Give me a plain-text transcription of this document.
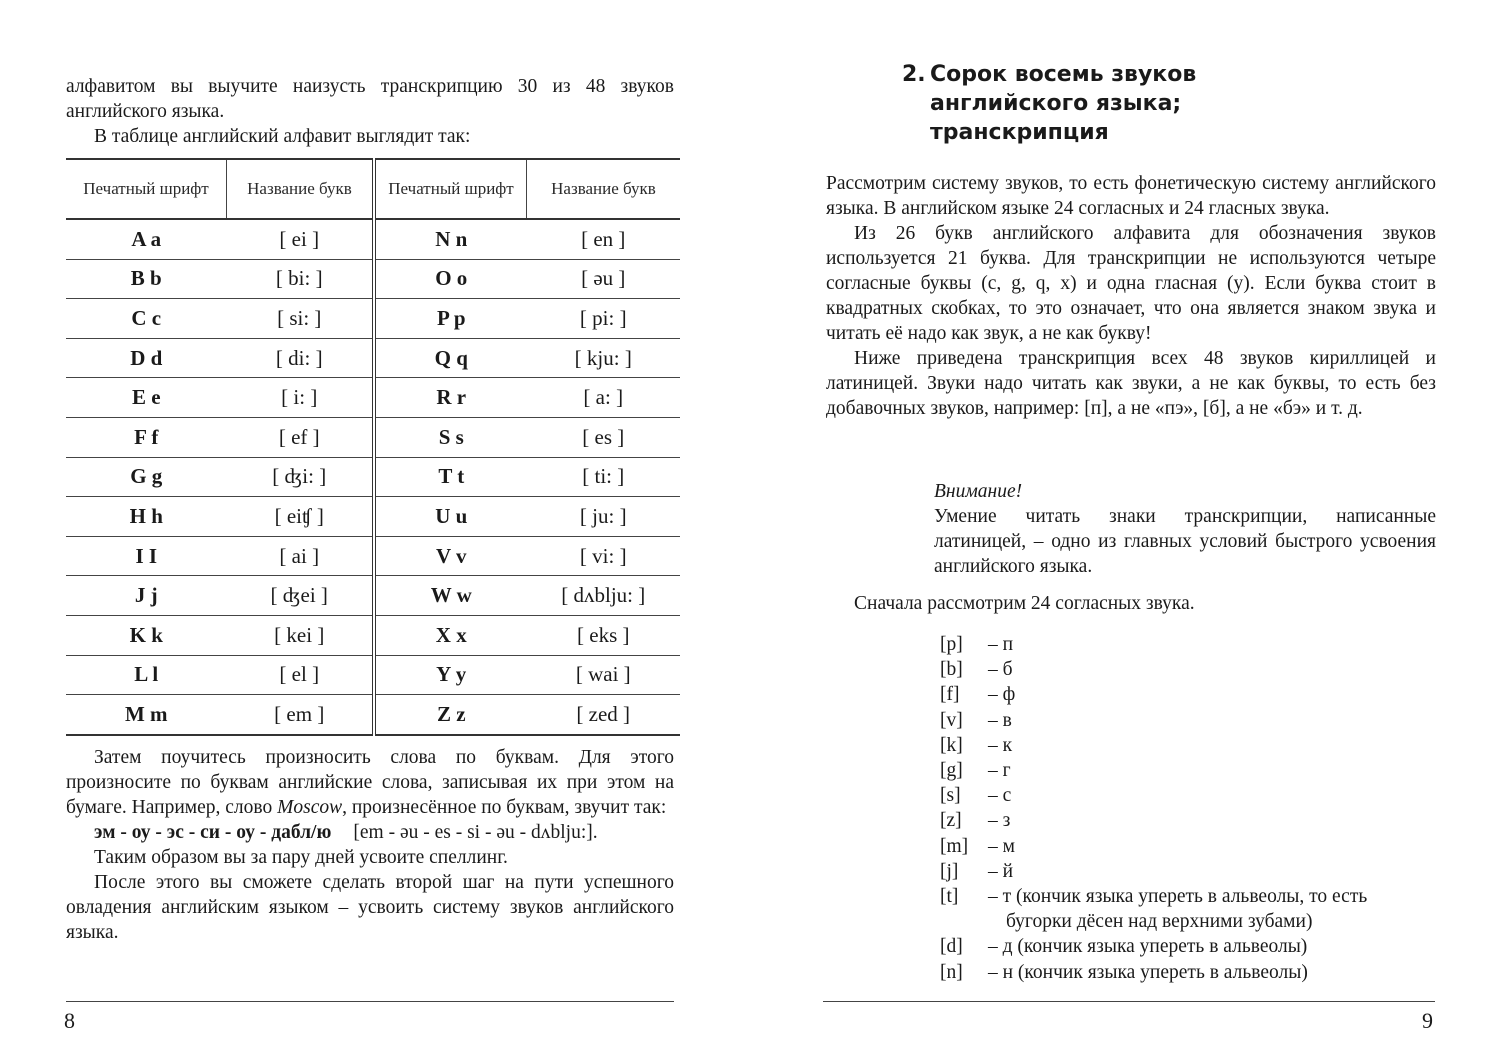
алфавитом вы выучите наизусть транскрипцию 30 из 48 звуков английского языка.

В таблице английский алфавит выглядит так:

Печатный шрифт	Название букв	Печатный шрифт	Название букв
A a	[ ei ]	N n	[ en ]
B b	[ bi: ]	O o	[ əu ]
C c	[ si: ]	P p	[ pi: ]
D d	[ di: ]	Q q	[ kju: ]
E e	[ i: ]	R r	[ a: ]
F f	[ ef ]	S s	[ es ]
G g	[ ʤi: ]	T t	[ ti: ]
H h	[ eiʧ ]	U u	[ ju: ]
I I	[ ai ]	V v	[ vi: ]
J j	[ ʤei ]	W w	[ dʌblju: ]
K k	[ kei ]	X x	[ eks ]
L l	[ el ]	Y y	[ wai ]
M m	[ em ]	Z z	[ zed ]

Затем поучитесь произносить слова по буквам. Для этого произносите по буквам английские слова, записывая их при этом на бумаге. Например, слово Moscow, произнесённое по буквам, звучит так:

эм - оу - эс - си - оу - дабл/ю [em - əu - es - si - əu - dʌblju:].

Таким образом вы за пару дней усвоите спеллинг.

После этого вы сможете сделать второй шаг на пути успешного овладения английским языком – усвоить систему звуков английского языка.

8
2. Сорок восемь звуков
английского языка;
транскрипция

Рассмотрим систему звуков, то есть фонетическую систему английского языка. В английском языке 24 согласных и 24 гласных звука.

Из 26 букв английского алфавита для обозначения звуков используется 21 буква. Для транскрипции не используются четыре согласные буквы (c, g, q, x) и одна гласная (y). Если буква стоит в квадратных скобках, то это означает, что она является знаком звука и читать её надо как звук, а не как букву!

Ниже приведена транскрипция всех 48 звуков кириллицей и латиницей. Звуки надо читать как звуки, а не как буквы, то есть без добавочных звуков, например: [п], а не «пэ», [б], а не «бэ» и т. д.

Внимание!

Умение читать знаки транскрипции, написанные латиницей, – одно из главных условий быстрого усвоения английского языка.

Сначала рассмотрим 24 согласных звука.
[p]	– п
[b]	– б
[f]	– ф
[v]	– в
[k]	– к
[g]	– г
[s]	– с
[z]	– з
[m]	– м
[j]	– й
[t]	– т (кончик языка упереть в альвеолы, то есть
бугорки дёсен над верхними зубами)
[d]	– д (кончик языка упереть в альвеолы)
[n]	– н (кончик языка упереть в альвеолы)
9
